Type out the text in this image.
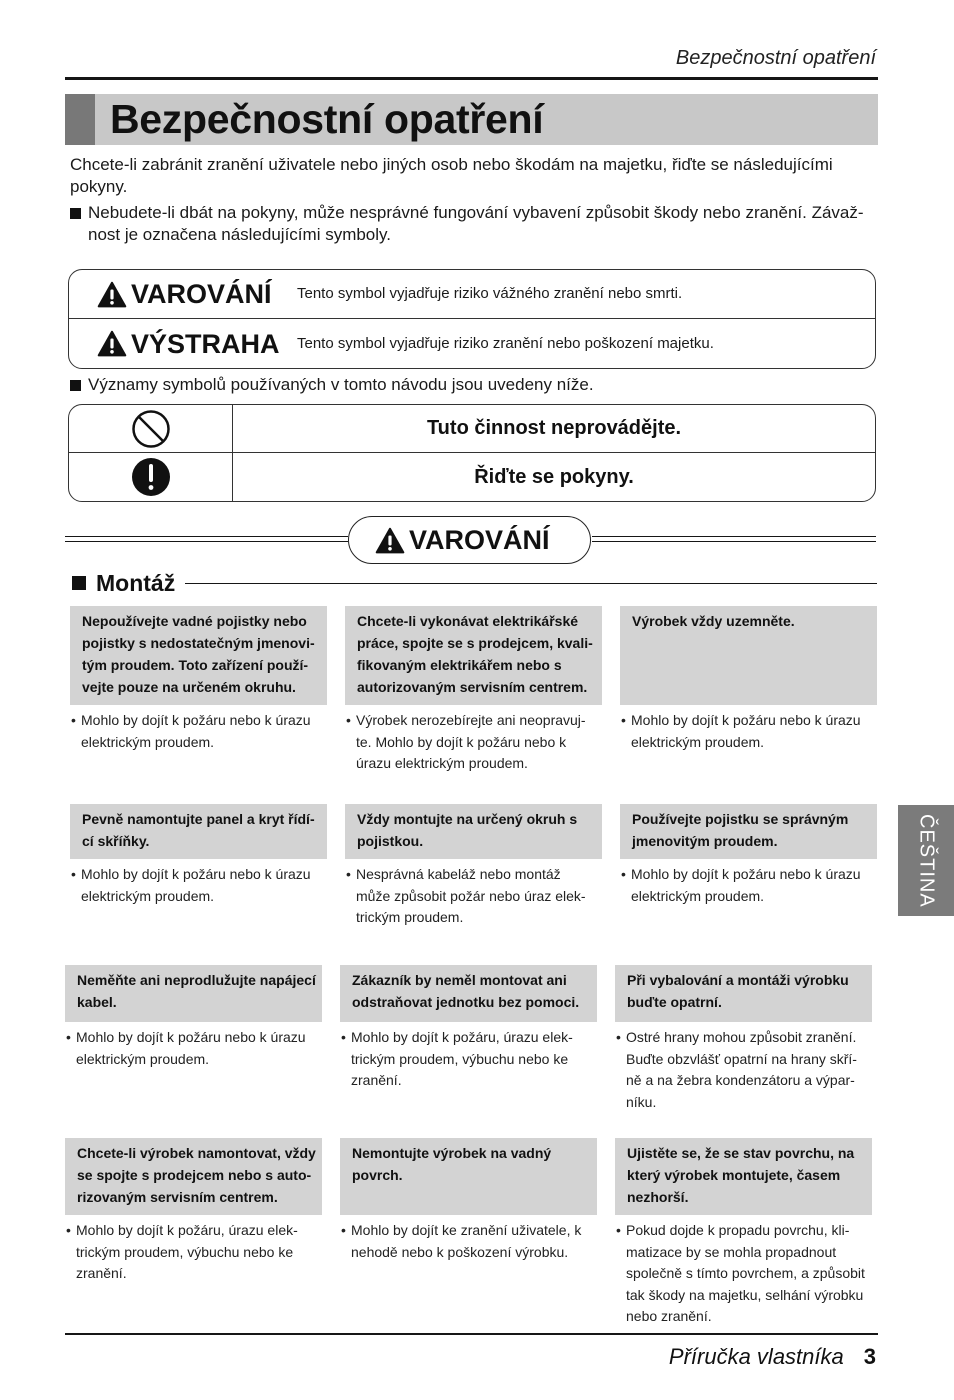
Bezpečnostní opatření
Bezpečnostní opatření
Chcete-li zabránit zranění uživatele nebo jiných osob nebo škodám na majetku, řiďte se následujícími
pokyny.
Nebudete-li dbát na pokyny, může nesprávné fungování vybavení způsobit škody nebo zranění. Závaž-
nost je označena následujícími symboly.
VAROVÁNÍ	Tento symbol vyjadřuje riziko vážného zranění nebo smrti.
VÝSTRAHA	Tento symbol vyjadřuje riziko zranění nebo poškození majetku.
Významy symbolů používaných v tomto návodu jsou uvedeny níže.
Tuto činnost neprovádějte.
Řiďte se pokyny.
VAROVÁNÍ
Montáž
Nepoužívejte vadné pojistky nebo
pojistky s nedostatečným jmenovi-
tým proudem. Toto zařízení použí-
vejte pouze na určeném okruhu.
• Mohlo by dojít k požáru nebo k úrazu
elektrickým proudem.
Chcete-li vykonávat elektrikářské
práce, spojte se s prodejcem, kvali-
fikovaným elektrikářem nebo s
autorizovaným servisním centrem.
• Výrobek nerozebírejte ani neopravuj-
te. Mohlo by dojít k požáru nebo k
úrazu elektrickým proudem.
Výrobek vždy uzemněte.
• Mohlo by dojít k požáru nebo k úrazu
elektrickým proudem.
Pevně namontujte panel a kryt řídí-
cí skříňky.
• Mohlo by dojít k požáru nebo k úrazu
elektrickým proudem.
Vždy montujte na určený okruh s
pojistkou.
• Nesprávná kabeláž nebo montáž
může způsobit požár nebo úraz elek-
trickým proudem.
Používejte pojistku se správným
jmenovitým proudem.
• Mohlo by dojít k požáru nebo k úrazu
elektrickým proudem.
Neměňte ani neprodlužujte napájecí
kabel.
• Mohlo by dojít k požáru nebo k úrazu
elektrickým proudem.
Zákazník by neměl montovat ani
odstraňovat jednotku bez pomoci.
• Mohlo by dojít k požáru, úrazu elek-
trickým proudem, výbuchu nebo ke
zranění.
Při vybalování a montáži výrobku
buďte opatrní.
• Ostré hrany mohou způsobit zranění.
Buďte obzvlášť opatrní na hrany skří-
ně a na žebra kondenzátoru a výpar-
níku.
Chcete-li výrobek namontovat, vždy
se spojte s prodejcem nebo s auto-
rizovaným servisním centrem.
• Mohlo by dojít k požáru, úrazu elek-
trickým proudem, výbuchu nebo ke
zranění.
Nemontujte výrobek na vadný
povrch.
• Mohlo by dojít ke zranění uživatele, k
nehodě nebo k poškození výrobku.
Ujistěte se, že se stav povrchu, na
který výrobek montujete, časem
nezhorší.
• Pokud dojde k propadu povrchu, kli-
matizace by se mohla propadnout
společně s tímto povrchem, a způsobit
tak škody na majetku, selhání výrobku
nebo zranění.
ČEŠTINA
Příručka vlastníka 3
